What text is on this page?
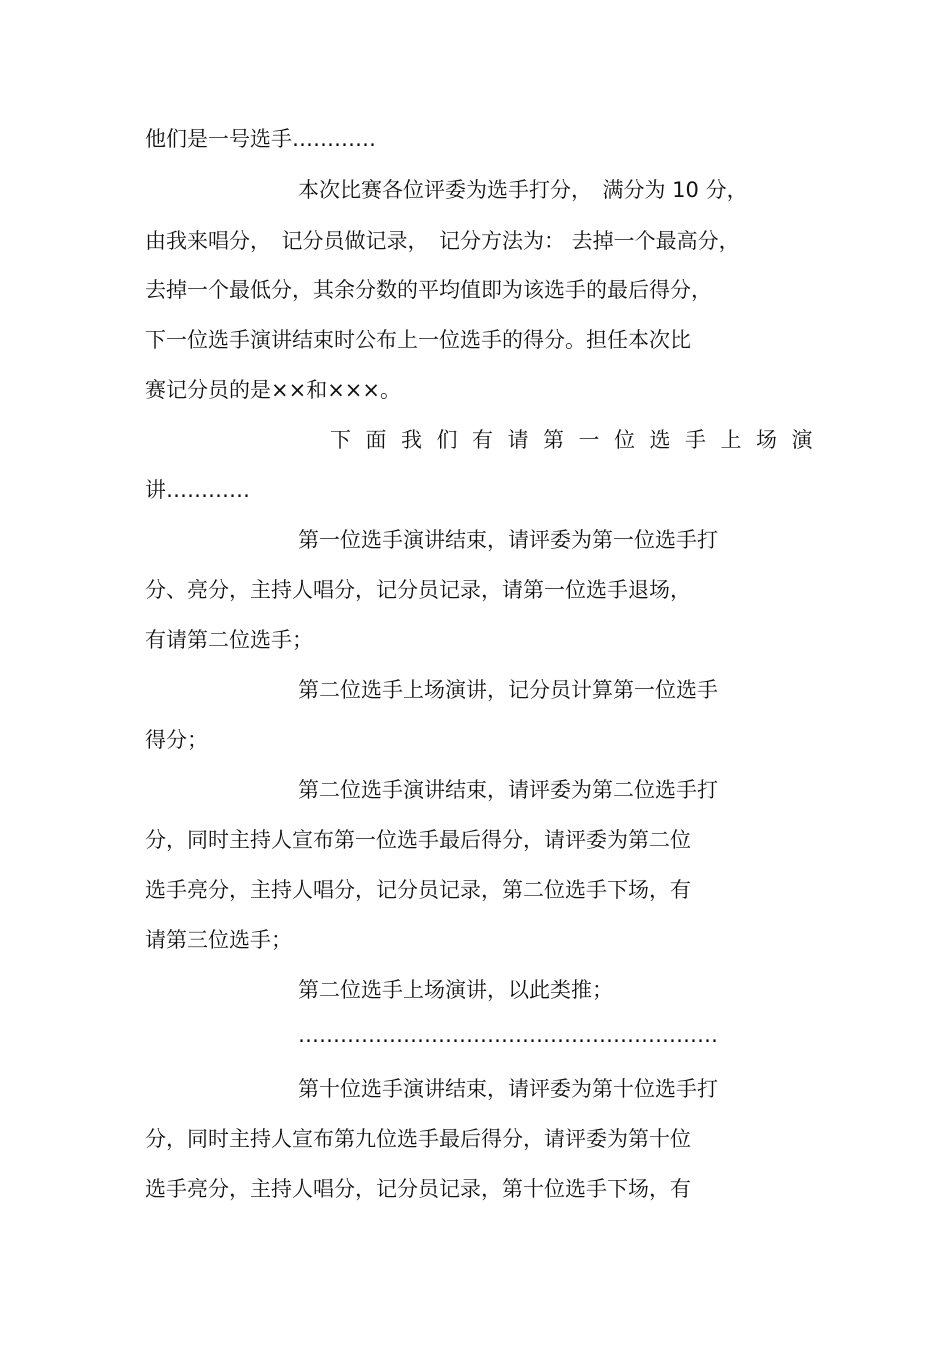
他们是一号选手…………

本次比赛各位评委为选手打分，　满分为 10 分，

由我来唱分，　记分员做记录，　记分方法为： 去掉一个最高分，

去掉一个最低分，其余分数的平均值即为该选手的最后得分，

下一位选手演讲结束时公布上一位选手的得分。担任本次比

赛记分员的是××和×××。

下面我们有请第一位选手上场演

讲…………

第一位选手演讲结束，请评委为第一位选手打

分、亮分，主持人唱分，记分员记录，请第一位选手退场，

有请第二位选手；

第二位选手上场演讲，记分员计算第一位选手

得分；

第二位选手演讲结束，请评委为第二位选手打

分，同时主持人宣布第一位选手最后得分，请评委为第二位

选手亮分，主持人唱分，记分员记录，第二位选手下场，有

请第三位选手；

第二位选手上场演讲，以此类推；

……………………………………………………

第十位选手演讲结束，请评委为第十位选手打

分，同时主持人宣布第九位选手最后得分，请评委为第十位

选手亮分，主持人唱分，记分员记录，第十位选手下场，有
